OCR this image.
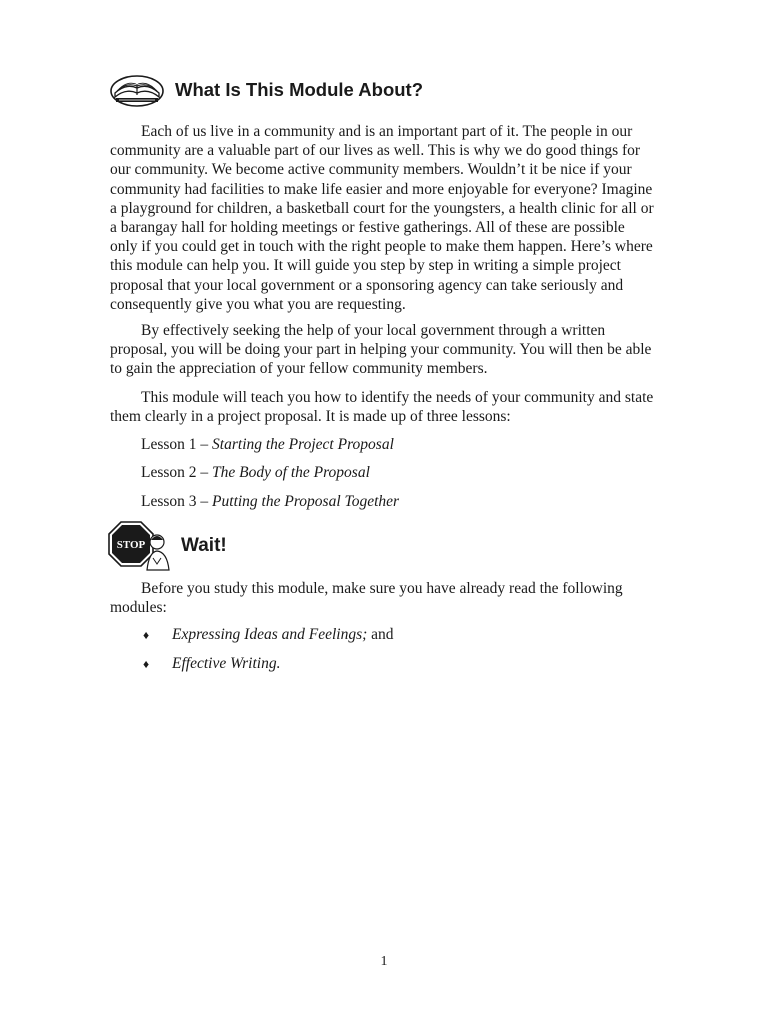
What Is This Module About?

Each of us live in a community and is an important part of it. The people in our community are a valuable part of our lives as well. This is why we do good things for our community. We become active community members. Wouldn’t it be nice if your community had facilities to make life easier and more enjoyable for everyone? Imagine a playground for children, a basketball court for the youngsters, a health clinic for all or a barangay hall for holding meetings or festive gatherings. All of these are possible only if you could get in touch with the right people to make them happen. Here’s where this module can help you. It will guide you step by step in writing a simple project proposal that your local government or a sponsoring agency can take seriously and consequently give you what you are requesting.

By effectively seeking the help of your local government through a written proposal, you will be doing your part in helping your community. You will then be able to gain the appreciation of your fellow community members.

This module will teach you how to identify the needs of your community and state them clearly in a project proposal. It is made up of three lessons:

Lesson 1 – Starting the Project Proposal

Lesson 2 – The Body of the Proposal

Lesson 3 – Putting the Proposal Together

STOP Wait!

Before you study this module, make sure you have already read the following modules:

♦	Expressing Ideas and Feelings; and
♦	Effective Writing.
1
